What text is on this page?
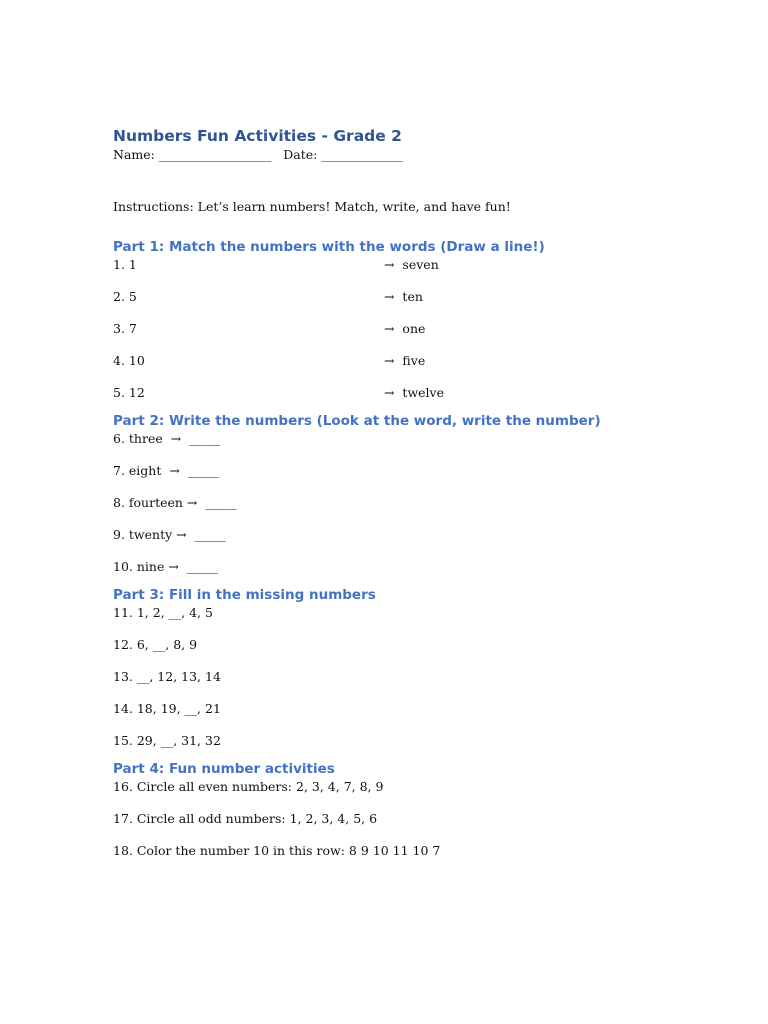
Numbers Fun Activities - Grade 2
Name: __________________   Date: _____________
Instructions: Let’s learn numbers! Match, write, and have fun!
Part 1: Match the numbers with the words (Draw a line!)
1. 1	→  seven
2. 5	→  ten
3. 7	→  one
4. 10	→  five
5. 12	→  twelve
Part 2: Write the numbers (Look at the word, write the number)
6. three  →  _____
7. eight  →  _____
8. fourteen →  _____
9. twenty →  _____
10. nine →  _____
Part 3: Fill in the missing numbers
11. 1, 2, __, 4, 5
12. 6, __, 8, 9
13. __, 12, 13, 14
14. 18, 19, __, 21
15. 29, __, 31, 32
Part 4: Fun number activities
16. Circle all even numbers: 2, 3, 4, 7, 8, 9
17. Circle all odd numbers: 1, 2, 3, 4, 5, 6
18. Color the number 10 in this row: 8 9 10 11 10 7
